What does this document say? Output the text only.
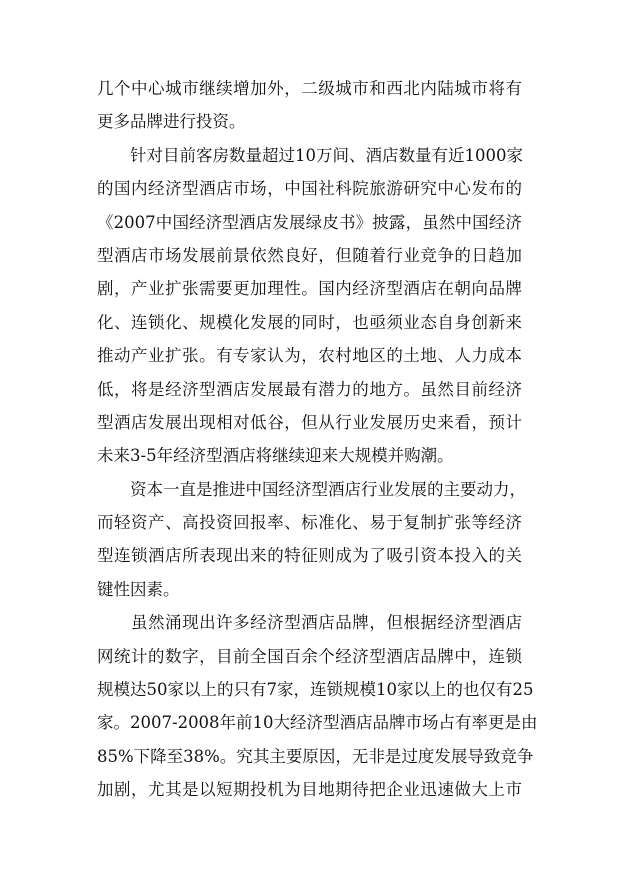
几个中心城市继续增加外，二级城市和西北内陆城市将有
更多品牌进行投资。
　　针对目前客房数量超过10万间、酒店数量有近1000家
的国内经济型酒店市场，中国社科院旅游研究中心发布的
《2007中国经济型酒店发展绿皮书》披露，虽然中国经济
型酒店市场发展前景依然良好，但随着行业竞争的日趋加
剧，产业扩张需要更加理性。国内经济型酒店在朝向品牌
化、连锁化、规模化发展的同时，也亟须业态自身创新来
推动产业扩张。有专家认为，农村地区的土地、人力成本
低，将是经济型酒店发展最有潜力的地方。虽然目前经济
型酒店发展出现相对低谷，但从行业发展历史来看，预计
未来3-5年经济型酒店将继续迎来大规模并购潮。
　　资本一直是推进中国经济型酒店行业发展的主要动力，
而轻资产、高投资回报率、标准化、易于复制扩张等经济
型连锁酒店所表现出来的特征则成为了吸引资本投入的关
键性因素。
　　虽然涌现出许多经济型酒店品牌，但根据经济型酒店
网统计的数字，目前全国百余个经济型酒店品牌中，连锁
规模达50家以上的只有7家，连锁规模10家以上的也仅有25
家。2007-2008年前10大经济型酒店品牌市场占有率更是由
85%下降至38%。究其主要原因，无非是过度发展导致竞争
加剧，尤其是以短期投机为目地期待把企业迅速做大上市
